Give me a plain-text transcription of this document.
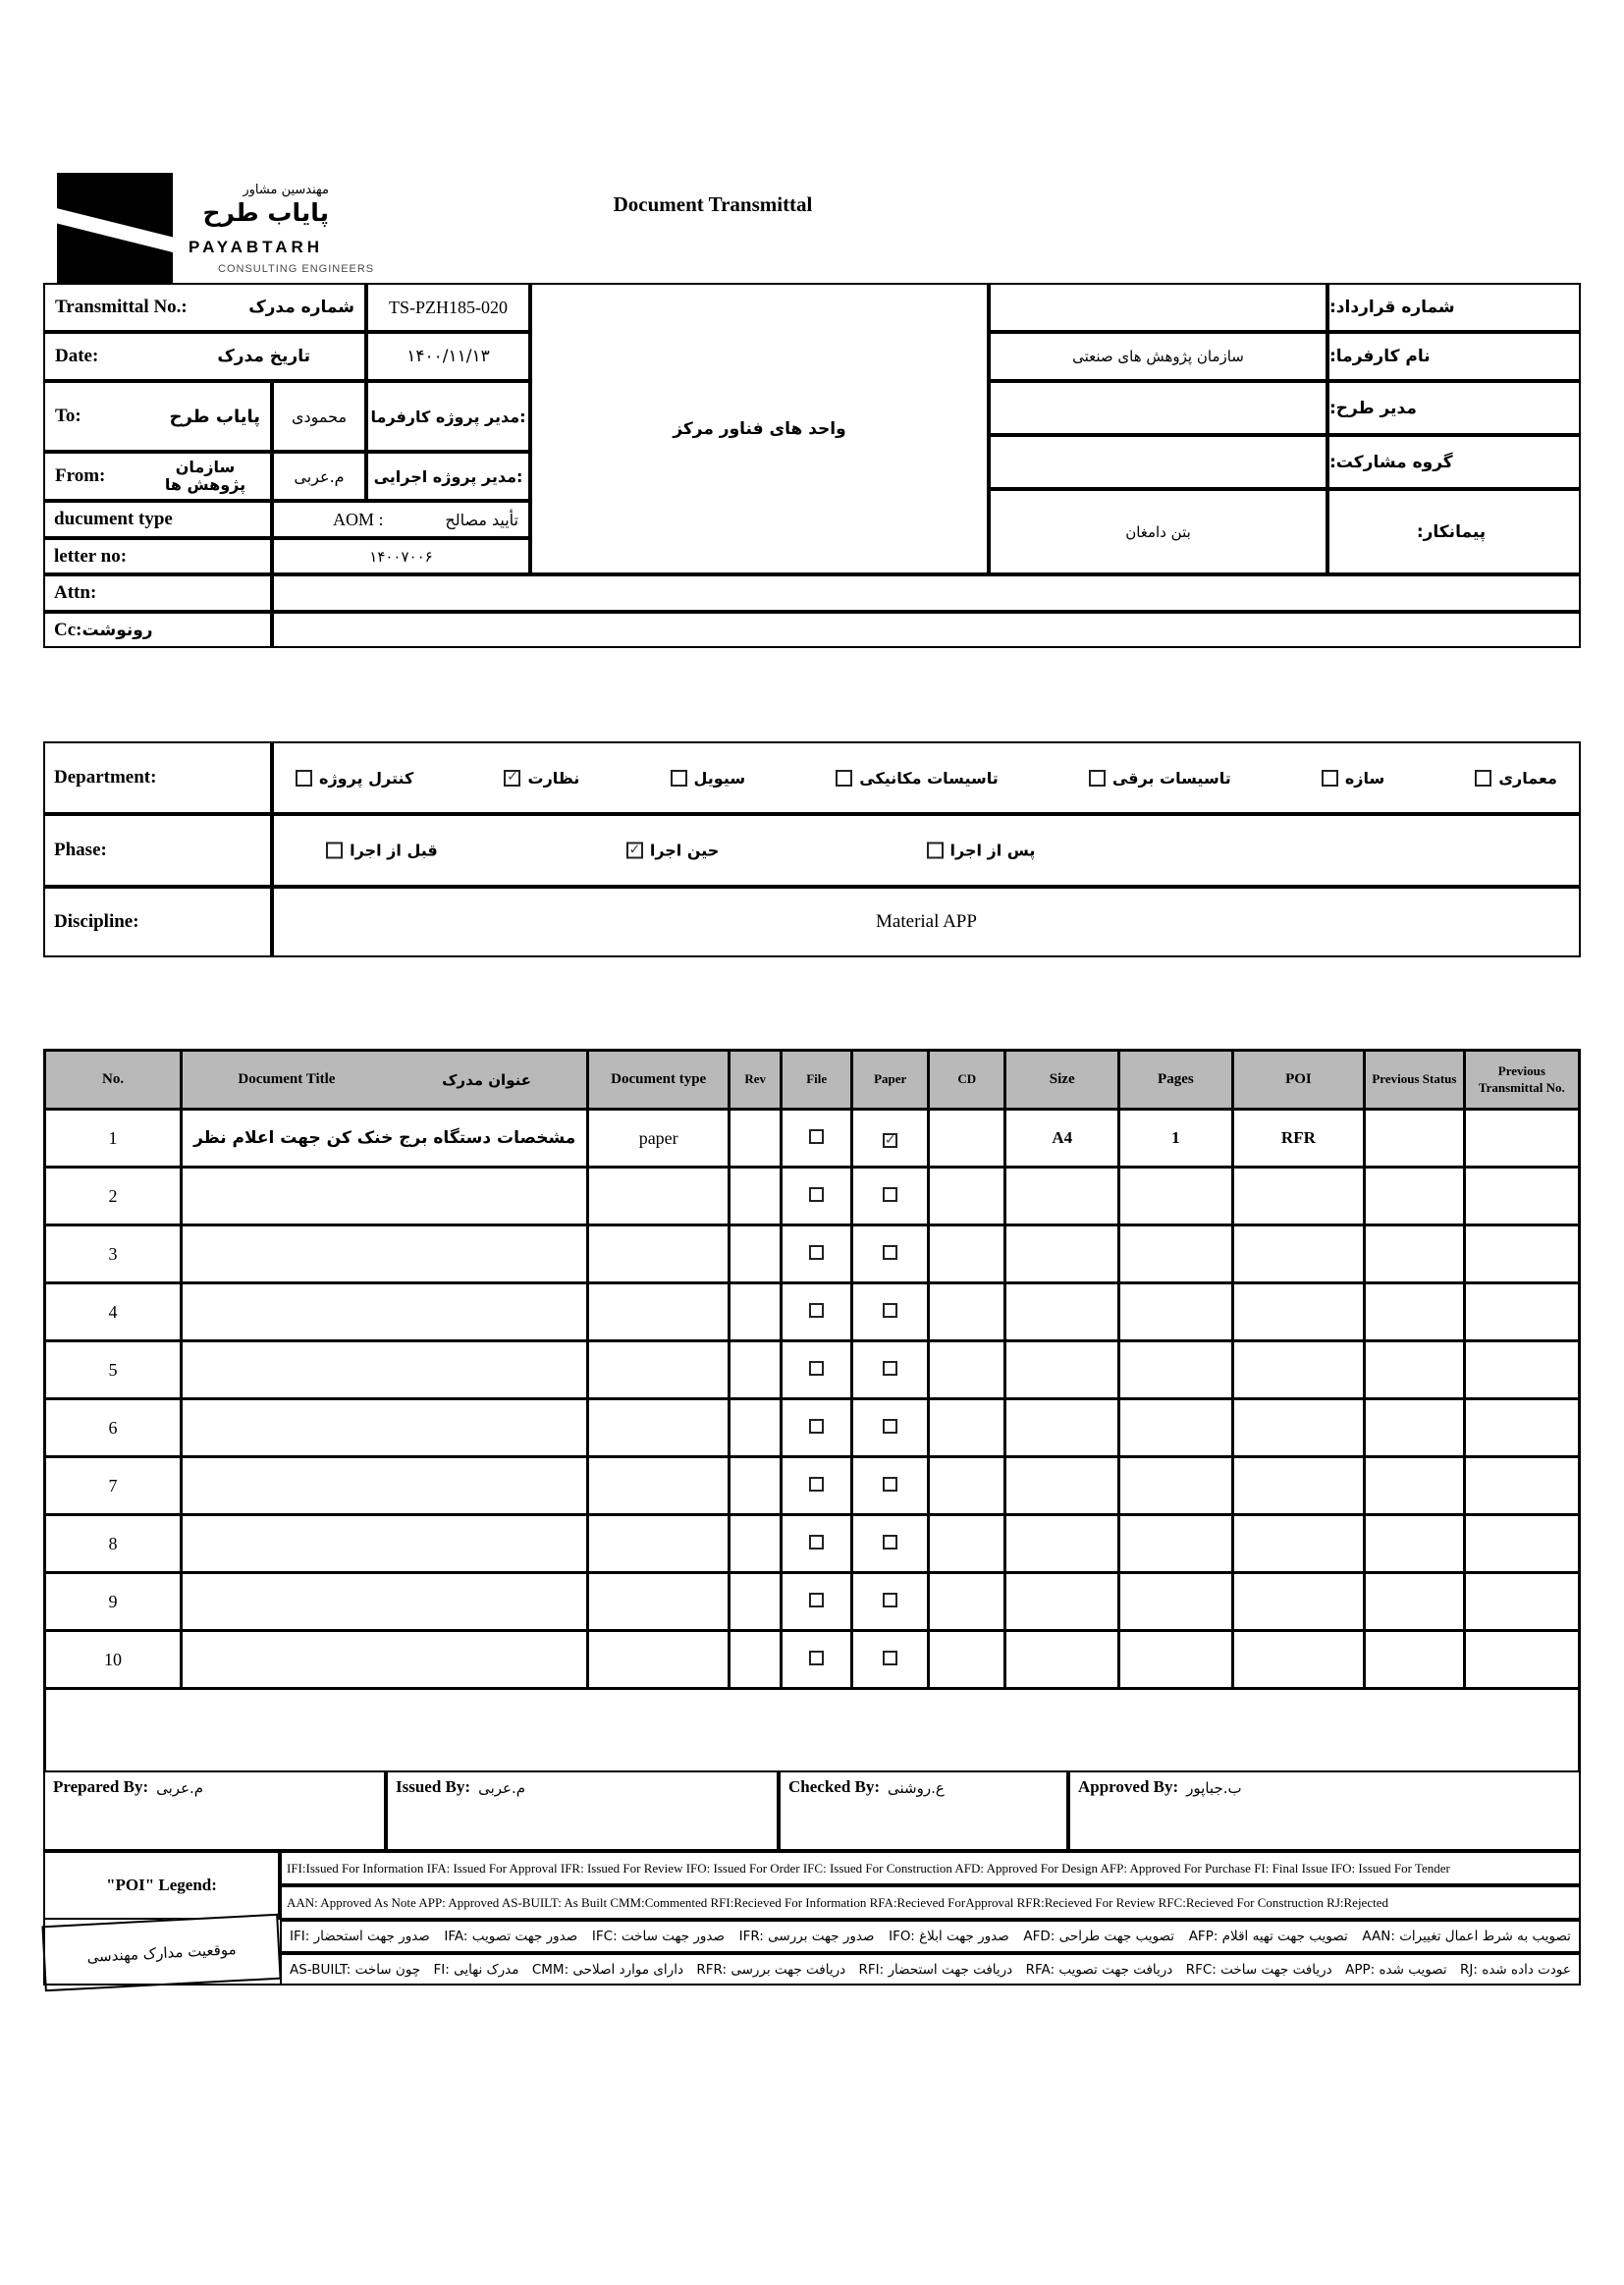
مهندسین مشاور
پایاب طرح
PAYABTARH
CONSULTING ENGINEERS
Document Transmittal
Transmittal No.:	شماره مدرک	TS-PZH185-020
Date:	تاریخ مدرک	۱۴۰۰/۱۱/۱۳
To:	پایاب طرح	محمودی	مدیر پروژه کارفرما:
From:	سازمان پژوهش ها	م.عربی	مدیر پروژه اجرایی:
ducument type	AOM :	تأیید مصالح
letter no:	۱۴۰۰۷۰۰۶
Attn:
Cc: رونوشت
واحد های فناور مرکز
شماره قرارداد:
سازمان پژوهش های صنعتی	نام کارفرما:
مدیر طرح:
گروه مشارکت:
بتن دامغان	پیمانکار:
Department:	معماری
سازه
تاسیسات برقی
تاسیسات مکانیکی
سیویل
✓ نظارت
کنترل پروژه
Phase:	پس از اجرا
✓ حین اجرا
قبل از اجرا
Discipline:	Material APP
No.	Document Title عنوان مدرک	Document type	Rev	File	Paper	CD	Size	Pages	POI	Previous Status	Previous Transmittal No.
1	مشخصات دستگاه برج خنک کن جهت اعلام نظر	paper			✓		A4	1	RFR		
2											
3											
4											
5											
6											
7											
8											
9											
10											

Prepared By: م.عربی	Issued By: م.عربی	Checked By: ع.روشنی	Approved By: ب.جباپور
"POI" Legend:
IFI:Issued For Information IFA: Issued For Approval IFR: Issued For Review IFO: Issued For Order IFC: Issued For Construction AFD: Approved For Design AFP: Approved For Purchase FI: Final Issue IFO: Issued For Tender
AAN: Approved As Note APP: Approved AS-BUILT: As Built CMM:Commented RFI:Recieved For Information RFA:Recieved ForApproval RFR:Recieved For Review RFC:Recieved For Construction RJ:Rejected
موقعیت مدارک مهندسی
IFI: صدور جهت استحضار IFA: صدور جهت تصویب IFC: صدور جهت ساخت IFR: صدور جهت بررسی IFO: صدور جهت ابلاغ AFD: تصویب جهت طراحی AFP: تصویب جهت تهیه اقلام AAN: تصویب به شرط اعمال تغییرات
AS-BUILT: چون ساخت FI: مدرک نهایی CMM: دارای موارد اصلاحی RFR: دریافت جهت بررسی RFI: دریافت جهت استحضار RFA: دریافت جهت تصویب RFC: دریافت جهت ساخت APP: تصویب شده RJ: عودت داده شده
